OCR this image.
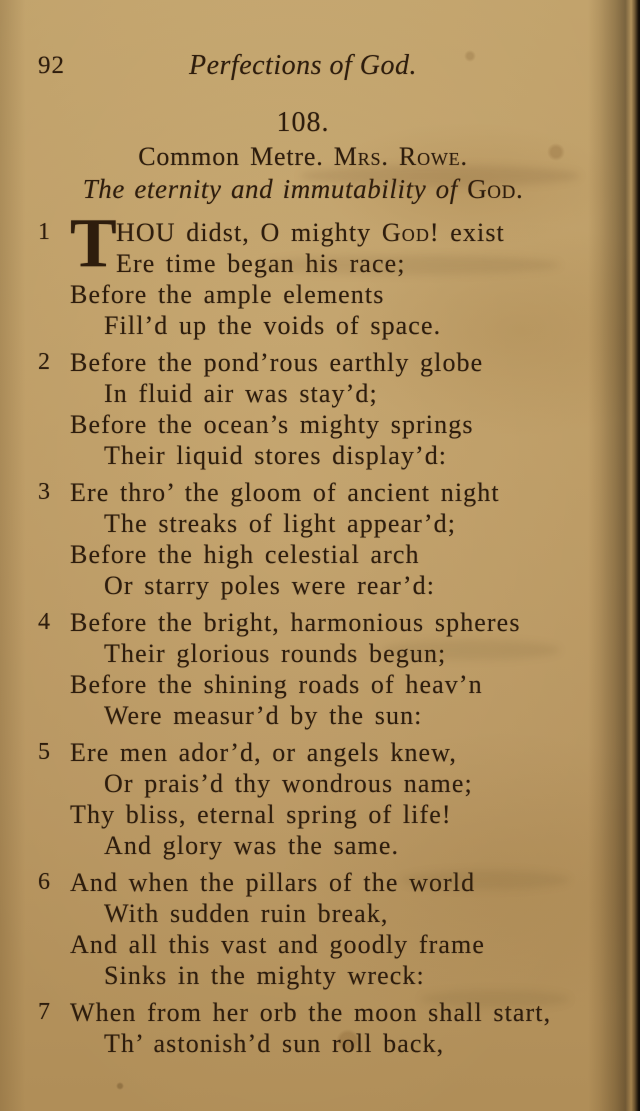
92	Perfections of God.
108.
Common Metre. Mrs. Rowe.
The eternity and immutability of God.
1 T HOU didst, O mighty God! exist
Ere time began his race;
Before the ample elements
Fill’d up the voids of space.
2 Before the pond’rous earthly globe
In fluid air was stay’d;
Before the ocean’s mighty springs
Their liquid stores display’d:
3 Ere thro’ the gloom of ancient night
The streaks of light appear’d;
Before the high celestial arch
Or starry poles were rear’d:
4 Before the bright, harmonious spheres
Their glorious rounds begun;
Before the shining roads of heav’n
Were measur’d by the sun:
5 Ere men ador’d, or angels knew,
Or prais’d thy wondrous name;
Thy bliss, eternal spring of life!
And glory was the same.
6 And when the pillars of the world
With sudden ruin break,
And all this vast and goodly frame
Sinks in the mighty wreck:
7 When from her orb the moon shall start,
Th’ astonish’d sun roll back,
